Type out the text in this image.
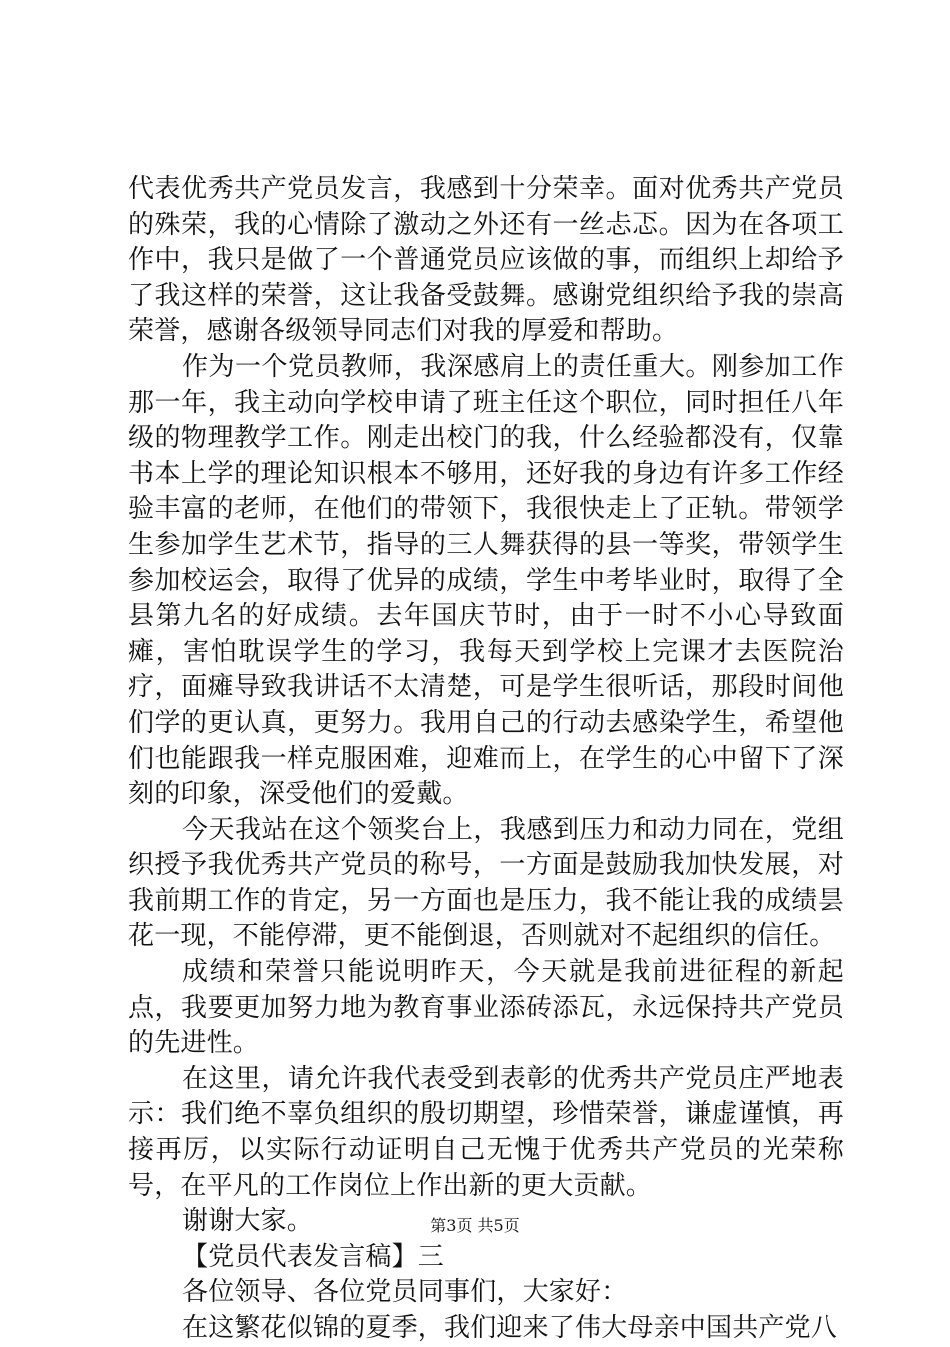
代表优秀共产党员发言，我感到十分荣幸。面对优秀共产党员的殊荣，我的心情除了激动之外还有一丝忐忑。因为在各项工作中，我只是做了一个普通党员应该做的事，而组织上却给予了我这样的荣誉，这让我备受鼓舞。感谢党组织给予我的崇高荣誉，感谢各级领导同志们对我的厚爱和帮助。

作为一个党员教师，我深感肩上的责任重大。刚参加工作那一年，我主动向学校申请了班主任这个职位，同时担任八年级的物理教学工作。刚走出校门的我，什么经验都没有，仅靠书本上学的理论知识根本不够用，还好我的身边有许多工作经验丰富的老师，在他们的带领下，我很快走上了正轨。带领学生参加学生艺术节，指导的三人舞获得的县一等奖，带领学生参加校运会，取得了优异的成绩，学生中考毕业时，取得了全县第九名的好成绩。去年国庆节时，由于一时不小心导致面瘫，害怕耽误学生的学习，我每天到学校上完课才去医院治疗，面瘫导致我讲话不太清楚，可是学生很听话，那段时间他们学的更认真，更努力。我用自己的行动去感染学生，希望他们也能跟我一样克服困难，迎难而上，在学生的心中留下了深刻的印象，深受他们的爱戴。

今天我站在这个领奖台上，我感到压力和动力同在，党组织授予我优秀共产党员的称号，一方面是鼓励我加快发展，对我前期工作的肯定，另一方面也是压力，我不能让我的成绩昙花一现，不能停滞，更不能倒退，否则就对不起组织的信任。

成绩和荣誉只能说明昨天，今天就是我前进征程的新起点，我要更加努力地为教育事业添砖添瓦，永远保持共产党员的先进性。

在这里，请允许我代表受到表彰的优秀共产党员庄严地表示：我们绝不辜负组织的殷切期望，珍惜荣誉，谦虚谨慎，再接再厉，以实际行动证明自己无愧于优秀共产党员的光荣称号，在平凡的工作岗位上作出新的更大贡献。

谢谢大家。

【党员代表发言稿】三

各位领导、各位党员同事们，大家好：

在这繁花似锦的夏季，我们迎来了伟大母亲中国共产党八

第3页 共5页
